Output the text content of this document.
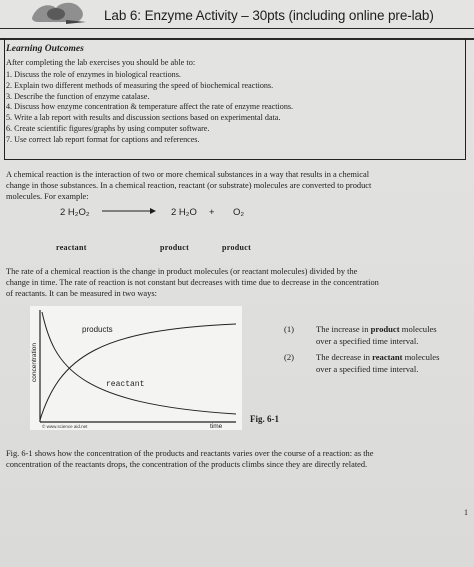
Lab 6: Enzyme Activity – 30pts (including online pre-lab)
Learning Outcomes
After completing the lab exercises you should be able to:
1. Discuss the role of enzymes in biological reactions.
2. Explain two different methods of measuring the speed of biochemical reactions.
3. Describe the function of enzyme catalase.
4. Discuss how enzyme concentration & temperature affect the rate of enzyme reactions.
5. Write a lab report with results and discussion sections based on experimental data.
6. Create scientific figures/graphs by using computer software.
7. Use correct lab report format for captions and references.
A chemical reaction is the interaction of two or more chemical substances in a way that results in a chemical
change in those substances. In a chemical reaction, reactant (or substrate) molecules are converted to product
molecules. For example:
2 H₂O₂ → 2 H₂O + O₂
reactant	product	product
The rate of a chemical reaction is the change in product molecules (or reactant molecules) divided by the
change in time. The rate of reaction is not constant but decreases with time due to decrease in the concentration
of reactants. It can be measured in two ways:
concentration
products
reactant
time
© www.science aid.net
(1)	The increase in product molecules
over a specified time interval.
(2)	The decrease in reactant molecules
over a specified time interval.
Fig. 6-1
Fig. 6-1 shows how the concentration of the products and reactants varies over the course of a reaction: as the
concentration of the reactants drops, the concentration of the products climbs since they are directly related.
1
